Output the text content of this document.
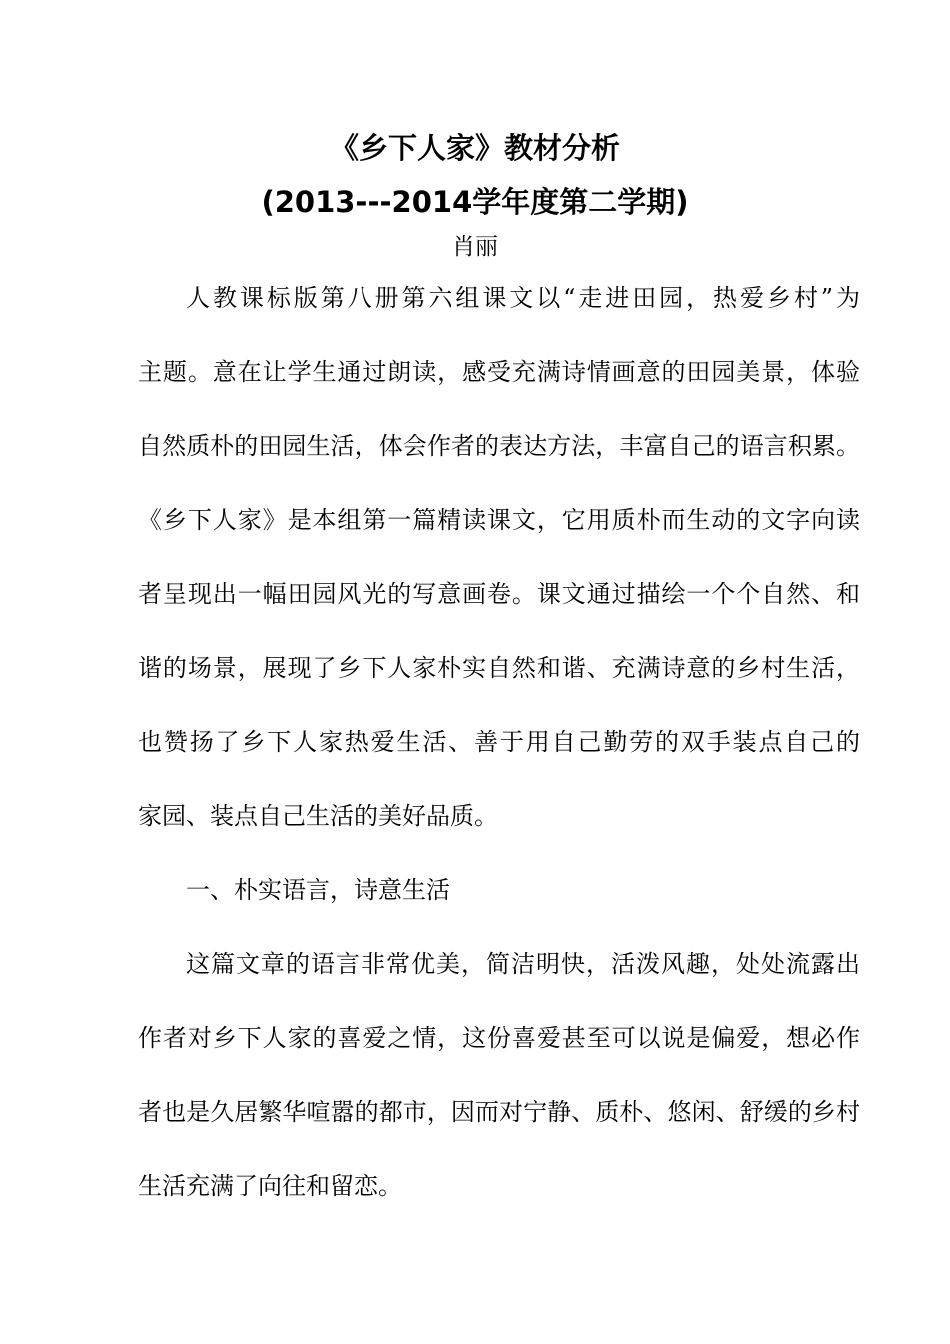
《乡下人家》教材分析
(2013---2014学年度第二学期)
肖丽
人教课标版第八册第六组课文以“走进田园，热爱乡村”为
主题。意在让学生通过朗读，感受充满诗情画意的田园美景，体验
自然质朴的田园生活，体会作者的表达方法，丰富自己的语言积累。
《乡下人家》是本组第一篇精读课文，它用质朴而生动的文字向读
者呈现出一幅田园风光的写意画卷。课文通过描绘一个个自然、和
谐的场景，展现了乡下人家朴实自然和谐、充满诗意的乡村生活，
也赞扬了乡下人家热爱生活、善于用自己勤劳的双手装点自己的
家园、装点自己生活的美好品质。
一、朴实语言，诗意生活
这篇文章的语言非常优美，简洁明快，活泼风趣，处处流露出
作者对乡下人家的喜爱之情，这份喜爱甚至可以说是偏爱，想必作
者也是久居繁华喧嚣的都市，因而对宁静、质朴、悠闲、舒缓的乡村
生活充满了向往和留恋。
